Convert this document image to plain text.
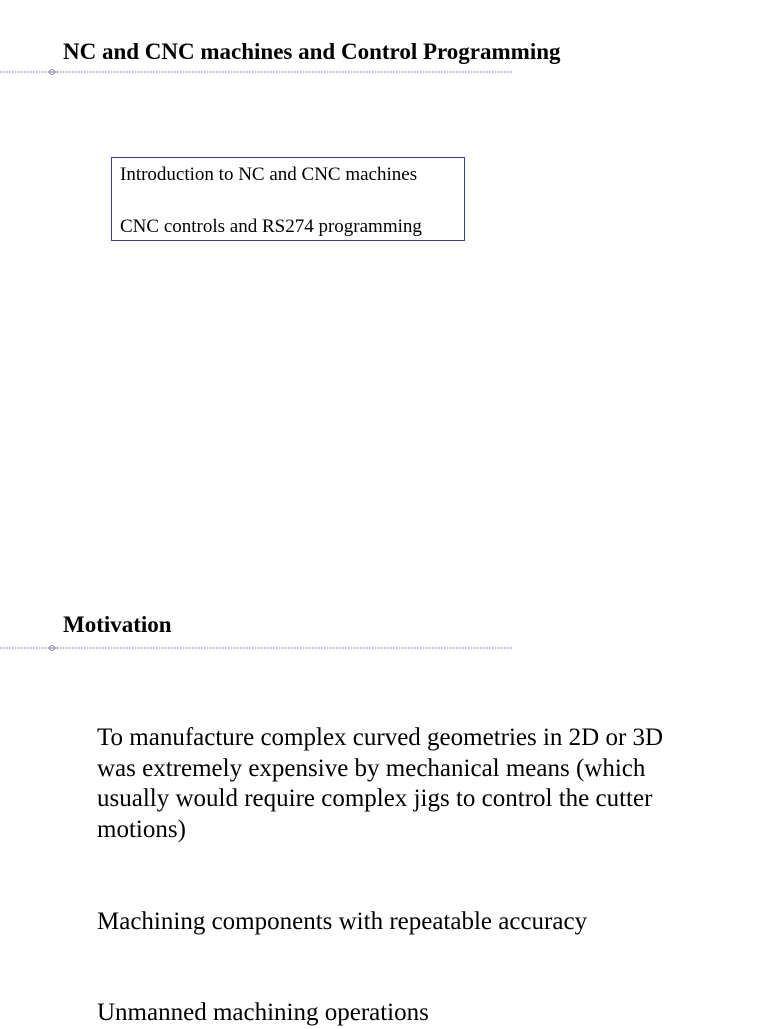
NC and CNC machines and Control Programming
Introduction to NC and CNC machines
CNC controls and RS274 programming
Motivation

To manufacture complex curved geometries in 2D or 3D was extremely expensive by mechanical means (which usually would require complex jigs to control the cutter motions)

Machining components with repeatable accuracy

Unmanned machining operations
